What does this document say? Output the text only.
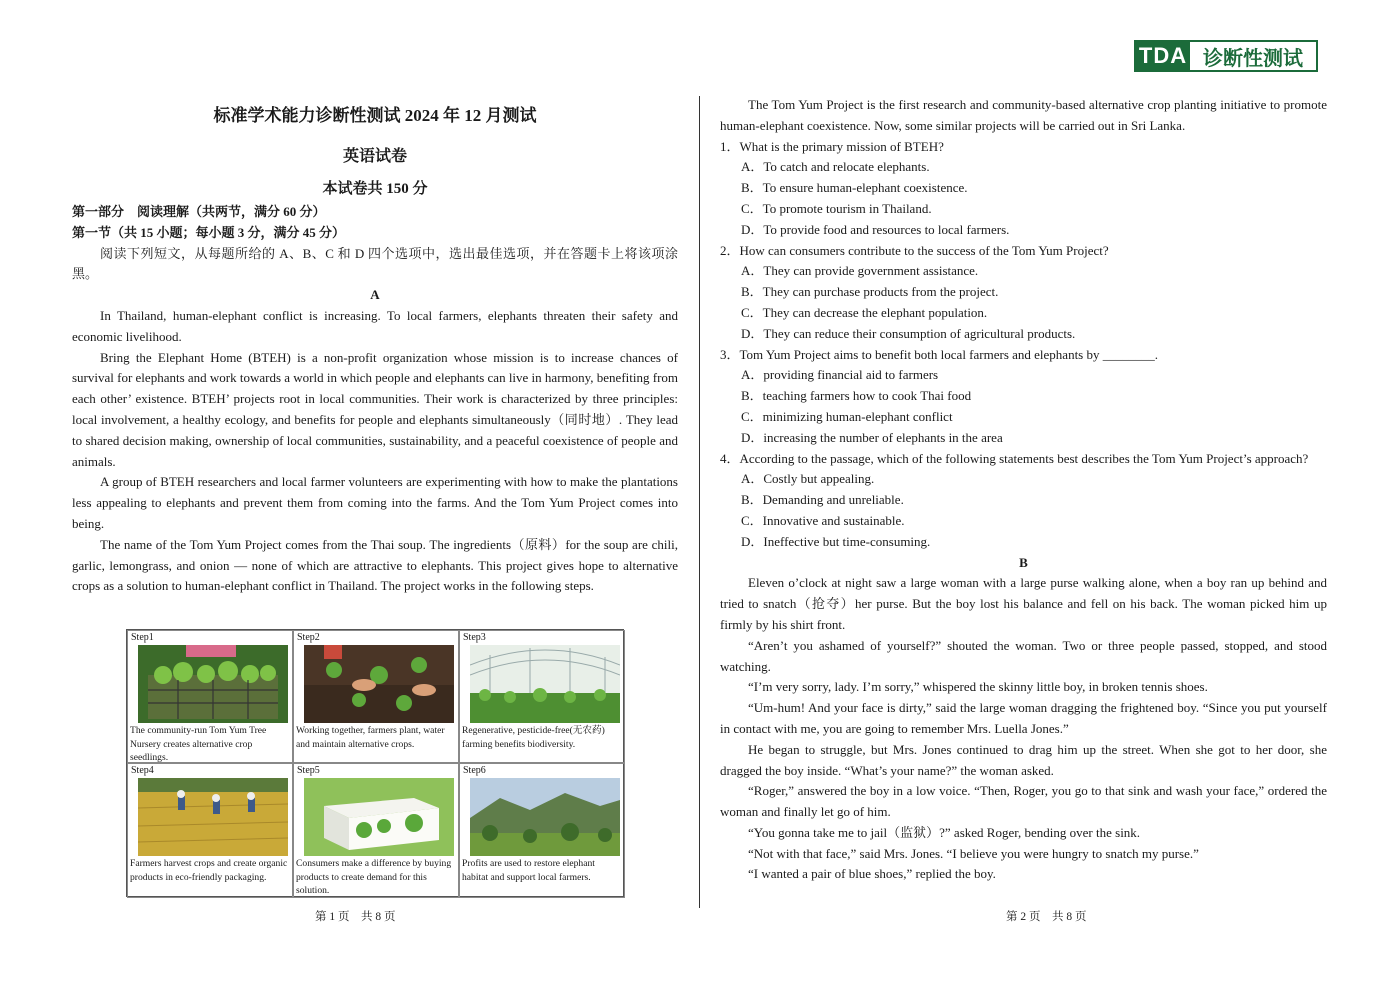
TDA 诊断性测试

标准学术能力诊断性测试 2024 年 12 月测试

英语试卷

本试卷共 150 分

第一部分　阅读理解（共两节，满分 60 分）

第一节（共 15 小题；每小题 3 分，满分 45 分）

阅读下列短文，从每题所给的 A、B、C 和 D 四个选项中，选出最佳选项，并在答题卡上将该项涂黑。

A

In Thailand, human-elephant conflict is increasing. To local farmers, elephants threaten their safety and economic livelihood.

Bring the Elephant Home (BTEH) is a non-profit organization whose mission is to increase chances of survival for elephants and work towards a world in which people and elephants can live in harmony, benefiting from each other’ existence. BTEH’ projects root in local communities. Their work is characterized by three principles: local involvement, a healthy ecology, and benefits for people and elephants simultaneously（同时地）. They lead to shared decision making, ownership of local communities, sustainability, and a peaceful coexistence of people and animals.

A group of BTEH researchers and local farmer volunteers are experimenting with how to make the plantations less appealing to elephants and prevent them from coming into the farms. And the Tom Yum Project comes into being.

The name of the Tom Yum Project comes from the Thai soup. The ingredients（原料）for the soup are chili, garlic, lemongrass, and onion — none of which are attractive to elephants. This project gives hope to alternative crops as a solution to human-elephant conflict in Thailand. The project works in the following steps.

Step1
The community-run Tom Yum Tree Nursery creates alternative crop seedlings.
Step2
Working together, farmers plant, water and maintain alternative crops.
Step3
Regenerative, pesticide-free(无农药) farming benefits biodiversity.
Step4
Farmers harvest crops and create organic products in eco-friendly packaging.
Step5
Consumers make a difference by buying products to create demand for this solution.
Step6
Profits are used to restore elephant habitat and support local farmers.
第 1 页　共 8 页

The Tom Yum Project is the first research and community-based alternative crop planting initiative to promote human-elephant coexistence. Now, some similar projects will be carried out in Sri Lanka.

1．What is the primary mission of BTEH?

A．To catch and relocate elephants.

B．To ensure human-elephant coexistence.

C．To promote tourism in Thailand.

D．To provide food and resources to local farmers.

2．How can consumers contribute to the success of the Tom Yum Project?

A．They can provide government assistance.

B．They can purchase products from the project.

C．They can decrease the elephant population.

D．They can reduce their consumption of agricultural products.

3．Tom Yum Project aims to benefit both local farmers and elephants by ________.

A．providing financial aid to farmers

B．teaching farmers how to cook Thai food

C．minimizing human-elephant conflict

D．increasing the number of elephants in the area

4．According to the passage, which of the following statements best describes the Tom Yum Project’s approach?

A．Costly but appealing.

B．Demanding and unreliable.

C．Innovative and sustainable.

D．Ineffective but time-consuming.

B

Eleven o’clock at night saw a large woman with a large purse walking alone, when a boy ran up behind and tried to snatch（抢夺）her purse. But the boy lost his balance and fell on his back. The woman picked him up firmly by his shirt front.

“Aren’t you ashamed of yourself?” shouted the woman. Two or three people passed, stopped, and stood watching.

“I’m very sorry, lady. I’m sorry,” whispered the skinny little boy, in broken tennis shoes.

“Um-hum! And your face is dirty,” said the large woman dragging the frightened boy. “Since you put yourself in contact with me, you are going to remember Mrs. Luella Jones.”

He began to struggle, but Mrs. Jones continued to drag him up the street. When she got to her door, she dragged the boy inside. “What’s your name?” the woman asked.

“Roger,” answered the boy in a low voice. “Then, Roger, you go to that sink and wash your face,” ordered the woman and finally let go of him.

“You gonna take me to jail（监狱）?” asked Roger, bending over the sink.

“Not with that face,” said Mrs. Jones. “I believe you were hungry to snatch my purse.”

“I wanted a pair of blue shoes,” replied the boy.

第 2 页　共 8 页
